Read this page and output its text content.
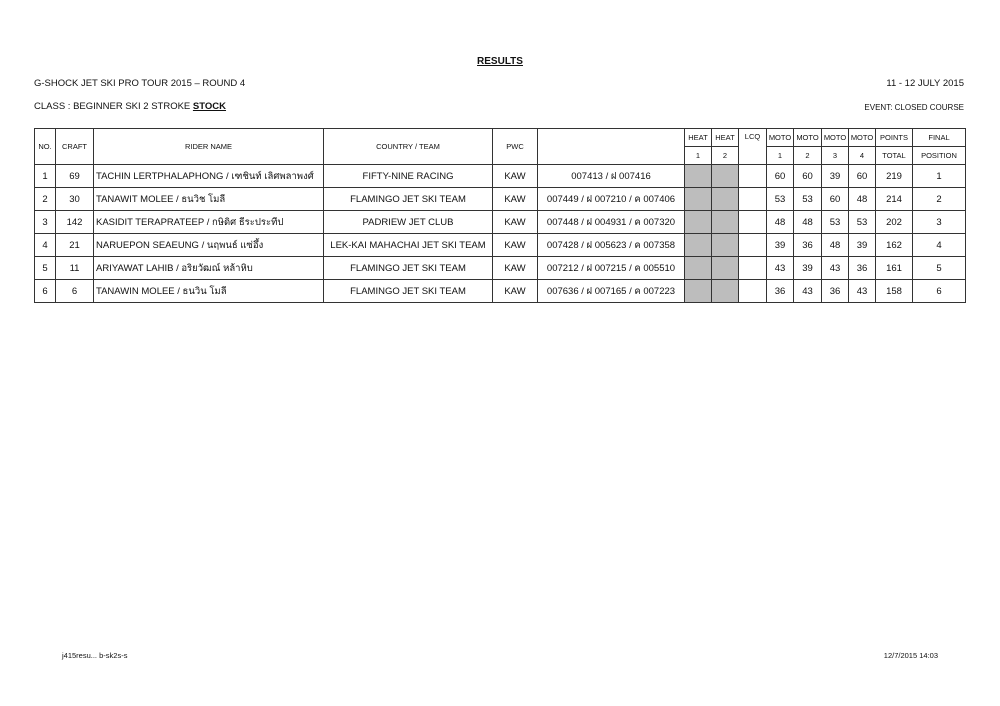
RESULTS
G-SHOCK JET SKI PRO TOUR 2015 – ROUND 4	11 - 12 JULY 2015
CLASS : BEGINNER SKI 2 STROKE STOCK	EVENT: CLOSED COURSE
NO.	CRAFT	RIDER NAME	COUNTRY / TEAM	PWC		HEAT	HEAT	LCQ	MOTO	MOTO	MOTO	MOTO	POINTS	FINAL
						1	2		1	2	3	4	TOTAL	POSITION
1	69	TACHIN LERTPHALAPHONG / เฑชินท์ เลิศพลาพงศ์	FIFTY-NINE RACING	KAW	007413 / ฝ 007416				60	60	39	60	219	1
2	30	TANAWIT MOLEE / ธนวิช โมลี	FLAMINGO JET SKI TEAM	KAW	007449 / ฝ 007210 / ค 007406				53	53	60	48	214	2
3	142	KASIDIT TERAPRATEEP / กษิดิศ ธีระประทีป	PADRIEW JET CLUB	KAW	007448 / ฝ 004931 / ค 007320				48	48	53	53	202	3
4	21	NARUEPON SEAEUNG / นฤพนธ์ แซ่อึ้ง	LEK-KAI MAHACHAI JET SKI TEAM	KAW	007428 / ฝ 005623 / ค 007358				39	36	48	39	162	4
5	11	ARIYAWAT LAHIB / อริยวัฒณ์ หล้าหิบ	FLAMINGO JET SKI TEAM	KAW	007212 / ฝ 007215 / ค 005510				43	39	43	36	161	5
6	6	TANAWIN MOLEE / ธนวิน โมลี	FLAMINGO JET SKI TEAM	KAW	007636 / ฝ 007165 / ค 007223				36	43	36	43	158	6
j415resu... b-sk2s-s	12/7/2015 14:03
